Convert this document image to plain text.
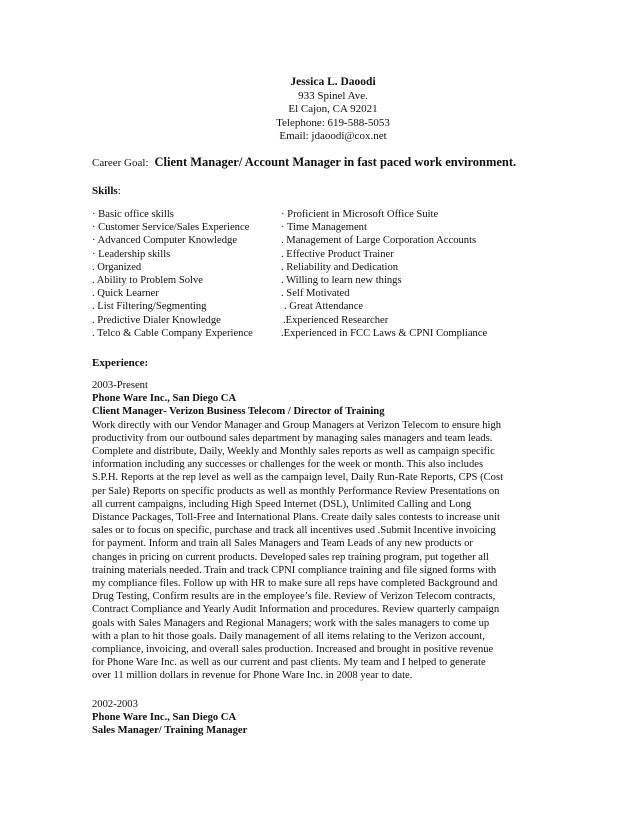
Jessica L. Daoodi
933 Spinel Ave.
El Cajon, CA 92021
Telephone: 619-588-5053
Email: jdaoodi@cox.net
Career Goal: Client Manager/ Account Manager in fast paced work environment.
Skills:
· Basic office skills	· Proficient in Microsoft Office Suite
· Customer Service/Sales Experience	· Time Management
· Advanced Computer Knowledge	. Management of Large Corporation Accounts
· Leadership skills	. Effective Product Trainer
. Organized	. Reliability and Dedication
. Ability to Problem Solve	. Willing to learn new things
. Quick Learner	. Self Motivated
. List Filtering/Segmenting	. Great Attendance
. Predictive Dialer Knowledge	.Experienced Researcher
. Telco & Cable Company Experience	.Experienced in FCC Laws & CPNI Compliance
Experience:
2003-Present
Phone Ware Inc., San Diego CA
Client Manager- Verizon Business Telecom / Director of Training
Work directly with our Vendor Manager and Group Managers at Verizon Telecom to ensure high
productivity from our outbound sales department by managing sales managers and team leads.
Complete and distribute, Daily, Weekly and Monthly sales reports as well as campaign specific
information including any successes or challenges for the week or month. This also includes
S.P.H. Reports at the rep level as well as the campaign level, Daily Run-Rate Reports, CPS (Cost
per Sale) Reports on specific products as well as monthly Performance Review Presentations on
all current campaigns, including High Speed Internet (DSL), Unlimited Calling and Long
Distance Packages, Toll-Free and International Plans. Create daily sales contests to increase unit
sales or to focus on specific, purchase and track all incentives used .Submit Incentive invoicing
for payment. Inform and train all Sales Managers and Team Leads of any new products or
changes in pricing on current products. Developed sales rep training program, put together all
training materials needed. Train and track CPNI compliance training and file signed forms with
my compliance files. Follow up with HR to make sure all reps have completed Background and
Drug Testing, Confirm results are in the employee’s file. Review of Verizon Telecom contracts,
Contract Compliance and Yearly Audit Information and procedures. Review quarterly campaign
goals with Sales Managers and Regional Managers; work with the sales managers to come up
with a plan to hit those goals. Daily management of all items relating to the Verizon account,
compliance, invoicing, and overall sales production. Increased and brought in positive revenue
for Phone Ware Inc. as well as our current and past clients. My team and I helped to generate
over 11 million dollars in revenue for Phone Ware Inc. in 2008 year to date.
2002-2003
Phone Ware Inc., San Diego CA
Sales Manager/ Training Manager
